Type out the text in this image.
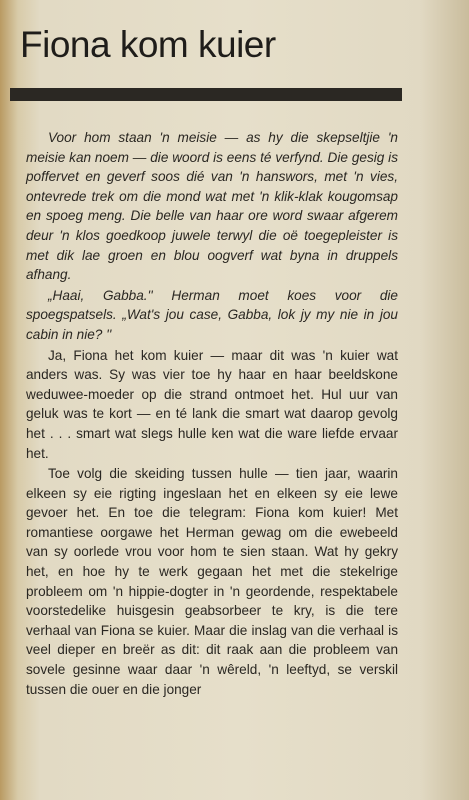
Fiona kom kuier

Voor hom staan 'n meisie — as hy die skepseltjie 'n meisie kan noem — die woord is eens té verfynd. Die gesig is poffervet en geverf soos dié van 'n hanswors, met 'n vies, ontevrede trek om die mond wat met 'n klik-klak kougomsap en spoeg meng. Die belle van haar ore word swaar afgerem deur 'n klos goedkoop juwele terwyl die oë toegepleister is met dik lae groen en blou oogverf wat byna in druppels afhang.

„Haai, Gabba.'' Herman moet koes voor die spoegspatsels. „Wat's jou case, Gabba, lok jy my nie in jou cabin in nie? ''

Ja, Fiona het kom kuier — maar dit was 'n kuier wat anders was. Sy was vier toe hy haar en haar beeldskone weduwee-moeder op die strand ontmoet het. Hul uur van geluk was te kort — en té lank die smart wat daarop gevolg het . . . smart wat slegs hulle ken wat die ware liefde ervaar het.

Toe volg die skeiding tussen hulle — tien jaar, waarin elkeen sy eie rigting ingeslaan het en elkeen sy eie lewe gevoer het. En toe die telegram: Fiona kom kuier! Met romantiese oorgawe het Herman gewag om die ewebeeld van sy oorlede vrou voor hom te sien staan. Wat hy gekry het, en hoe hy te werk gegaan het met die stekelrige probleem om 'n hippie-dogter in 'n geordende, respektabele voorstedelike huisgesin geabsorbeer te kry, is die tere verhaal van Fiona se kuier. Maar die inslag van die verhaal is veel dieper en breër as dit: dit raak aan die probleem van sovele gesinne waar daar 'n wêreld, 'n leeftyd, se verskil tussen die ouer en die jonger
